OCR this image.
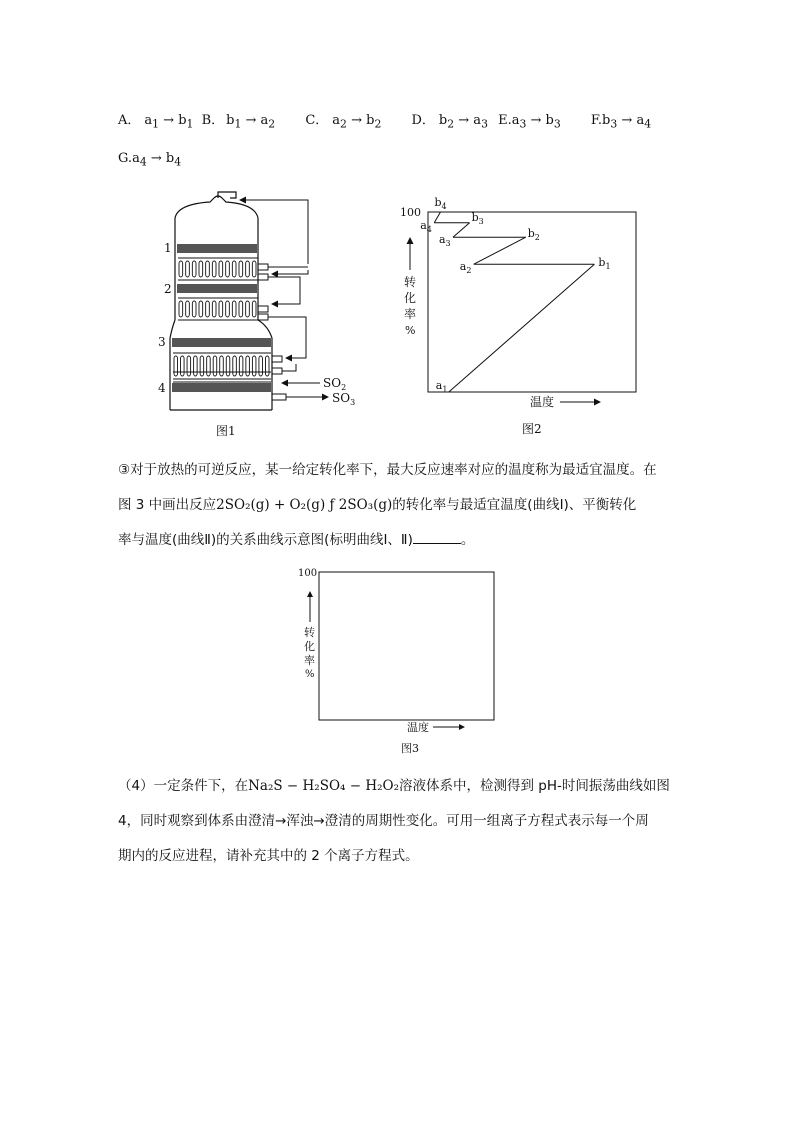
A． $a_1 \to b_1$ B． $b_1 \to a_2$ C． $a_2 \to b_2$ D． $b_2 \to a_3$ $E.a_3 \to b_3$ $F.b_3 \to a_4$
$G.a_4 \to b_4$
1
2
3
4	$SO_2$
$SO_3$
图1
100
转
化
率
%
温度
$a_1$
$b_1$
$a_2$
$b_2$
$a_3$
$b_3$
$a_4$
$b_4$
图2
③对于放热的可逆反应，某一给定转化率下，最大反应速率对应的温度称为最适宜温度。在
图 3 中画出反应2SO₂(g) + O₂(g) ƒ 2SO₃(g)的转化率与最适宜温度(曲线Ⅰ)、平衡转化
率与温度(曲线Ⅱ)的关系曲线示意图(标明曲线Ⅰ、Ⅱ)	。
100
转
化
率
%
温度
图3
（4）一定条件下，在Na₂S − H₂SO₄ − H₂O₂溶液体系中，检测得到 pH-时间振荡曲线如图
4，同时观察到体系由澄清→浑浊→澄清的周期性变化。可用一组离子方程式表示每一个周
期内的反应进程，请补充其中的 2 个离子方程式。
